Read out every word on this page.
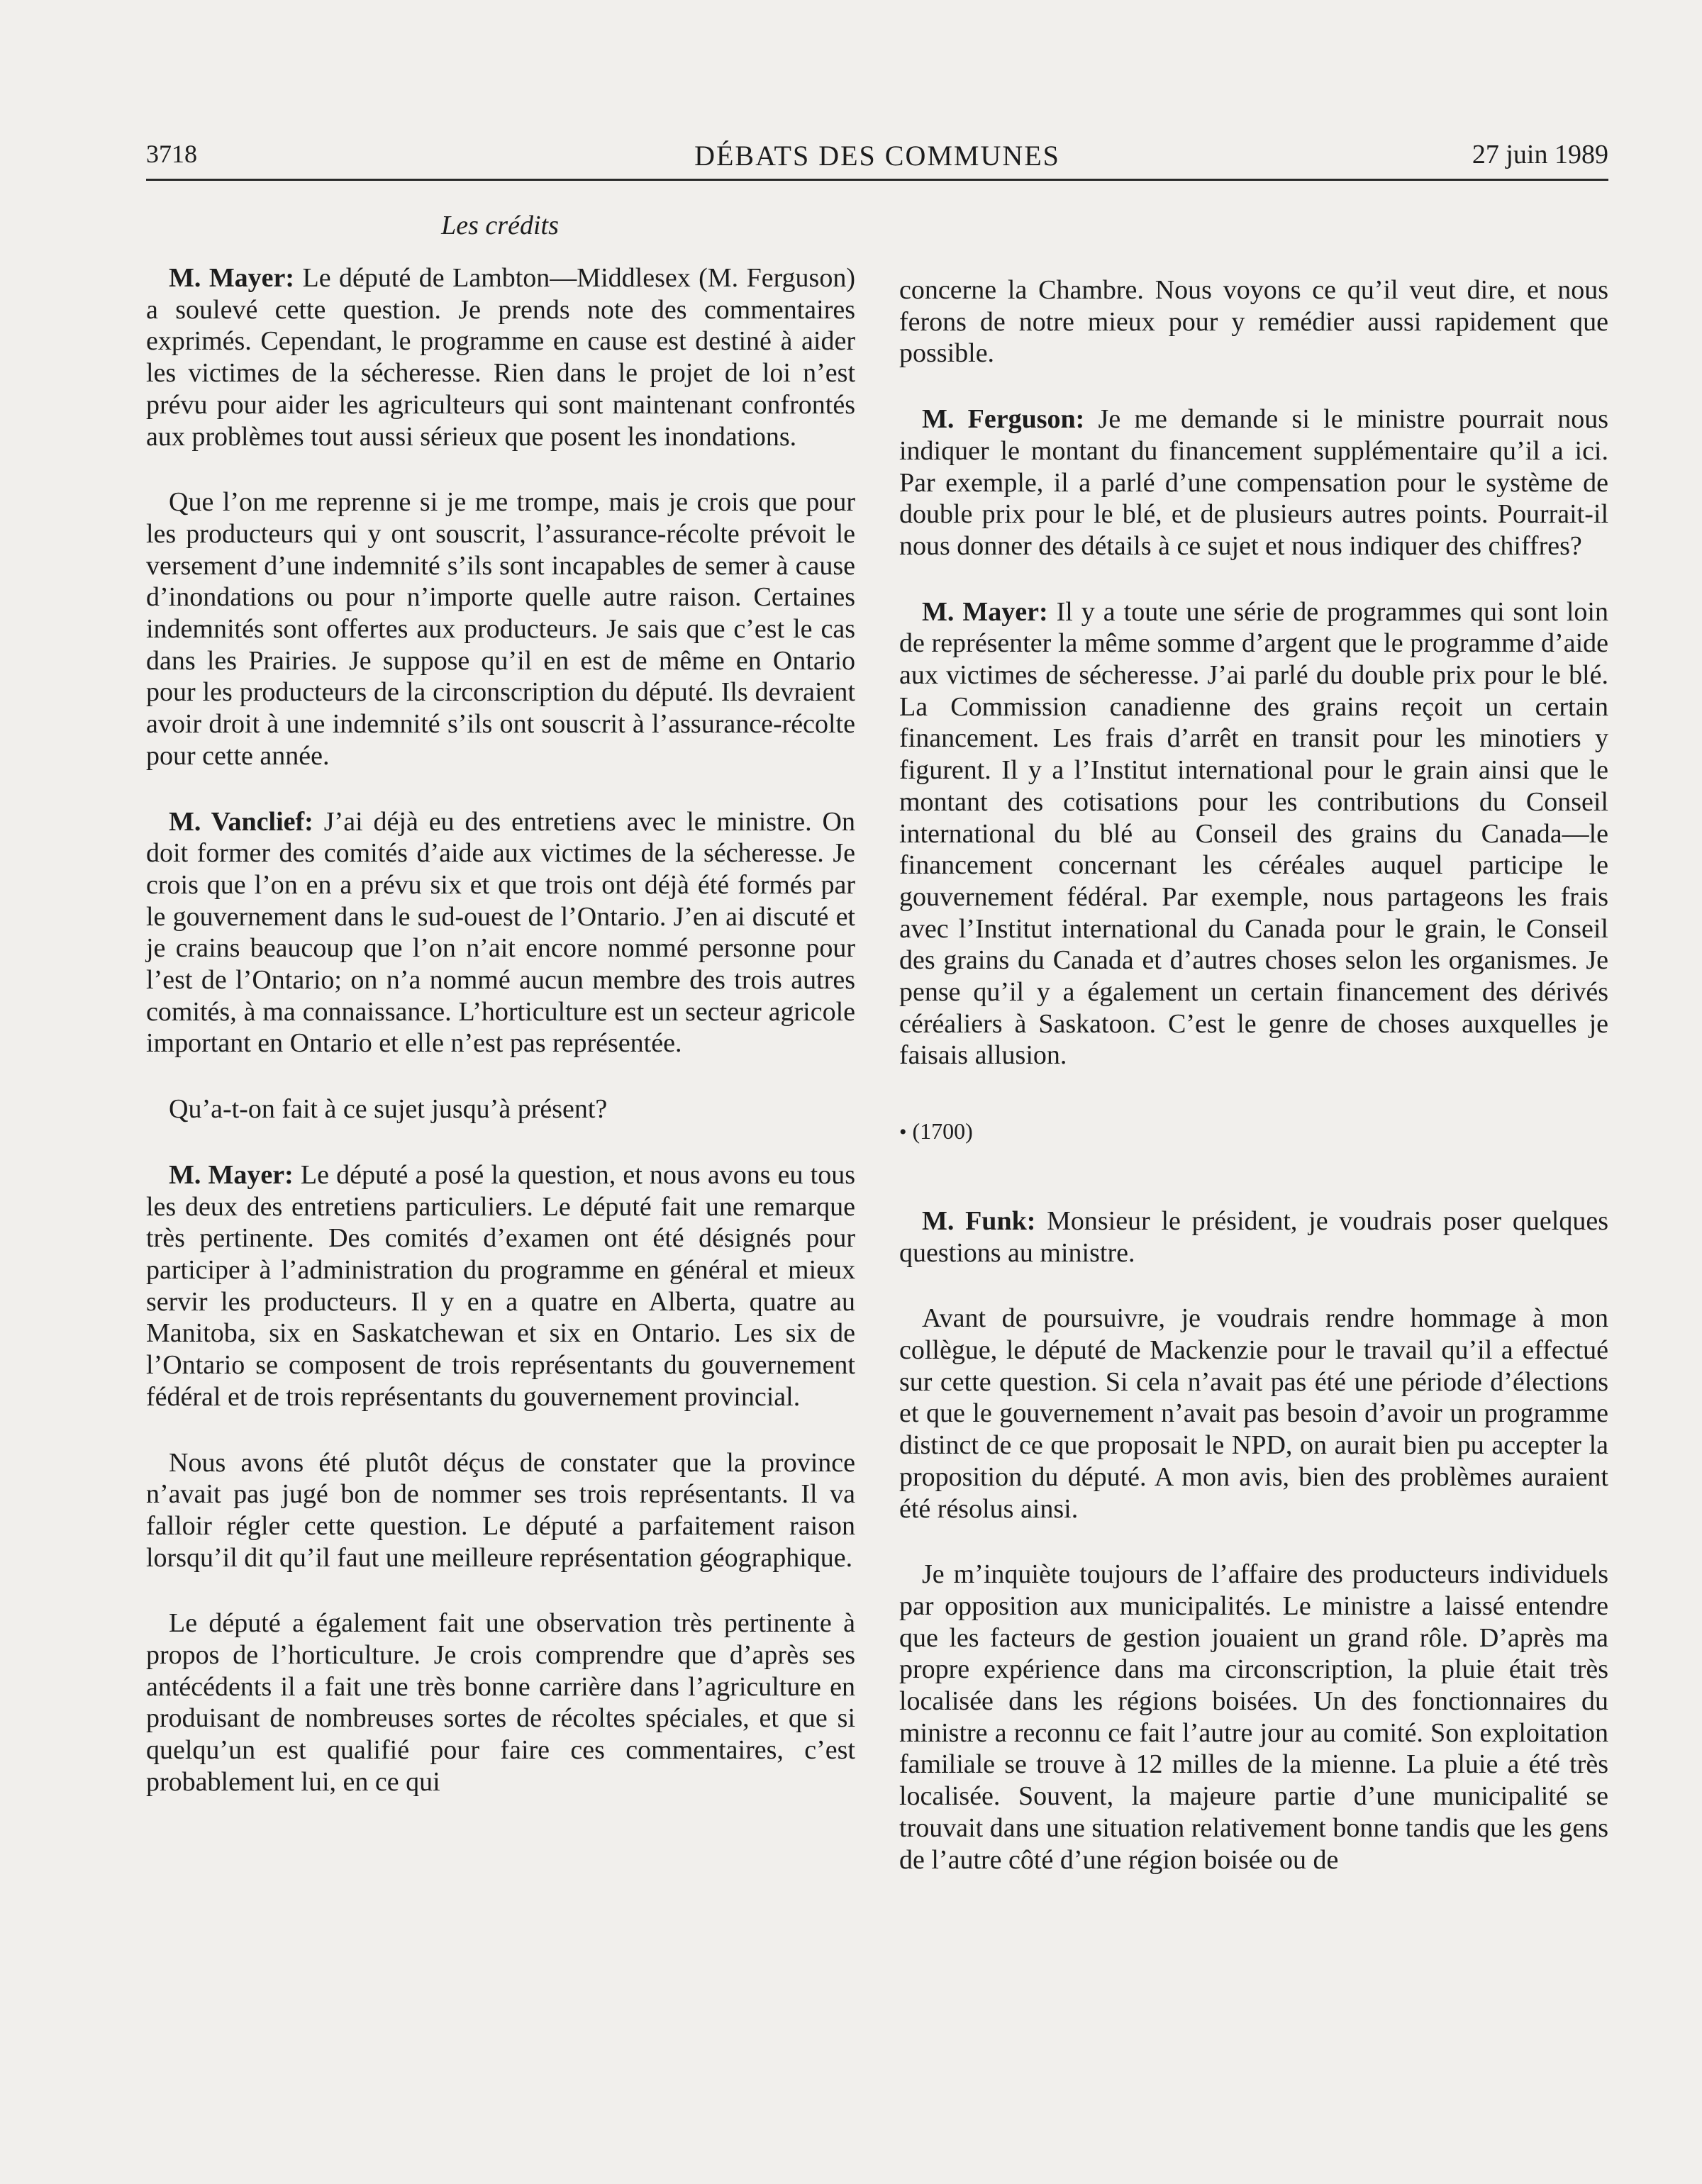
3718	DÉBATS DES COMMUNES	27 juin 1989
Les crédits

M. Mayer: Le député de Lambton—Middlesex (M. Ferguson) a soulevé cette question. Je prends note des commentaires exprimés. Cependant, le programme en cause est destiné à aider les victimes de la sécheresse. Rien dans le projet de loi n’est prévu pour aider les agriculteurs qui sont maintenant confrontés aux problèmes tout aussi sérieux que posent les inondations.

Que l’on me reprenne si je me trompe, mais je crois que pour les producteurs qui y ont souscrit, l’assurance-récolte prévoit le versement d’une indemnité s’ils sont incapables de semer à cause d’inondations ou pour n’importe quelle autre raison. Certaines indemnités sont offertes aux producteurs. Je sais que c’est le cas dans les Prairies. Je suppose qu’il en est de même en Ontario pour les producteurs de la circonscription du député. Ils devraient avoir droit à une indemnité s’ils ont souscrit à l’assurance-récolte pour cette année.

M. Vanclief: J’ai déjà eu des entretiens avec le ministre. On doit former des comités d’aide aux victimes de la sécheresse. Je crois que l’on en a prévu six et que trois ont déjà été formés par le gouvernement dans le sud-ouest de l’Ontario. J’en ai discuté et je crains beaucoup que l’on n’ait encore nommé personne pour l’est de l’Ontario; on n’a nommé aucun membre des trois autres comités, à ma connaissance. L’horticulture est un secteur agricole important en Ontario et elle n’est pas représentée.

Qu’a-t-on fait à ce sujet jusqu’à présent?

M. Mayer: Le député a posé la question, et nous avons eu tous les deux des entretiens particuliers. Le député fait une remarque très pertinente. Des comités d’examen ont été désignés pour participer à l’administration du programme en général et mieux servir les producteurs. Il y en a quatre en Alberta, quatre au Manitoba, six en Saskatchewan et six en Ontario. Les six de l’Ontario se composent de trois représentants du gouvernement fédéral et de trois représentants du gouvernement provincial.

Nous avons été plutôt déçus de constater que la province n’avait pas jugé bon de nommer ses trois représentants. Il va falloir régler cette question. Le député a parfaitement raison lorsqu’il dit qu’il faut une meilleure représentation géographique.

Le député a également fait une observation très pertinente à propos de l’horticulture. Je crois comprendre que d’après ses antécédents il a fait une très bonne carrière dans l’agriculture en produisant de nombreuses sortes de récoltes spéciales, et que si quelqu’un est qualifié pour faire ces commentaires, c’est probablement lui, en ce qui

concerne la Chambre. Nous voyons ce qu’il veut dire, et nous ferons de notre mieux pour y remédier aussi rapidement que possible.

M. Ferguson: Je me demande si le ministre pourrait nous indiquer le montant du financement supplémentaire qu’il a ici. Par exemple, il a parlé d’une compensation pour le système de double prix pour le blé, et de plusieurs autres points. Pourrait-il nous donner des détails à ce sujet et nous indiquer des chiffres?

M. Mayer: Il y a toute une série de programmes qui sont loin de représenter la même somme d’argent que le programme d’aide aux victimes de sécheresse. J’ai parlé du double prix pour le blé. La Commission canadienne des grains reçoit un certain financement. Les frais d’arrêt en transit pour les minotiers y figurent. Il y a l’Institut international pour le grain ainsi que le montant des cotisations pour les contributions du Conseil international du blé au Conseil des grains du Canada—le financement concernant les céréales auquel participe le gouvernement fédéral. Par exemple, nous partageons les frais avec l’Institut international du Canada pour le grain, le Conseil des grains du Canada et d’autres choses selon les organismes. Je pense qu’il y a également un certain financement des dérivés céréaliers à Saskatoon. C’est le genre de choses auxquelles je faisais allusion.

• (1700)

M. Funk: Monsieur le président, je voudrais poser quelques questions au ministre.

Avant de poursuivre, je voudrais rendre hommage à mon collègue, le député de Mackenzie pour le travail qu’il a effectué sur cette question. Si cela n’avait pas été une période d’élections et que le gouvernement n’avait pas besoin d’avoir un programme distinct de ce que proposait le NPD, on aurait bien pu accepter la proposition du député. A mon avis, bien des problèmes auraient été résolus ainsi.

Je m’inquiète toujours de l’affaire des producteurs individuels par opposition aux municipalités. Le ministre a laissé entendre que les facteurs de gestion jouaient un grand rôle. D’après ma propre expérience dans ma circonscription, la pluie était très localisée dans les régions boisées. Un des fonctionnaires du ministre a reconnu ce fait l’autre jour au comité. Son exploitation familiale se trouve à 12 milles de la mienne. La pluie a été très localisée. Souvent, la majeure partie d’une municipalité se trouvait dans une situation relativement bonne tandis que les gens de l’autre côté d’une région boisée ou de
